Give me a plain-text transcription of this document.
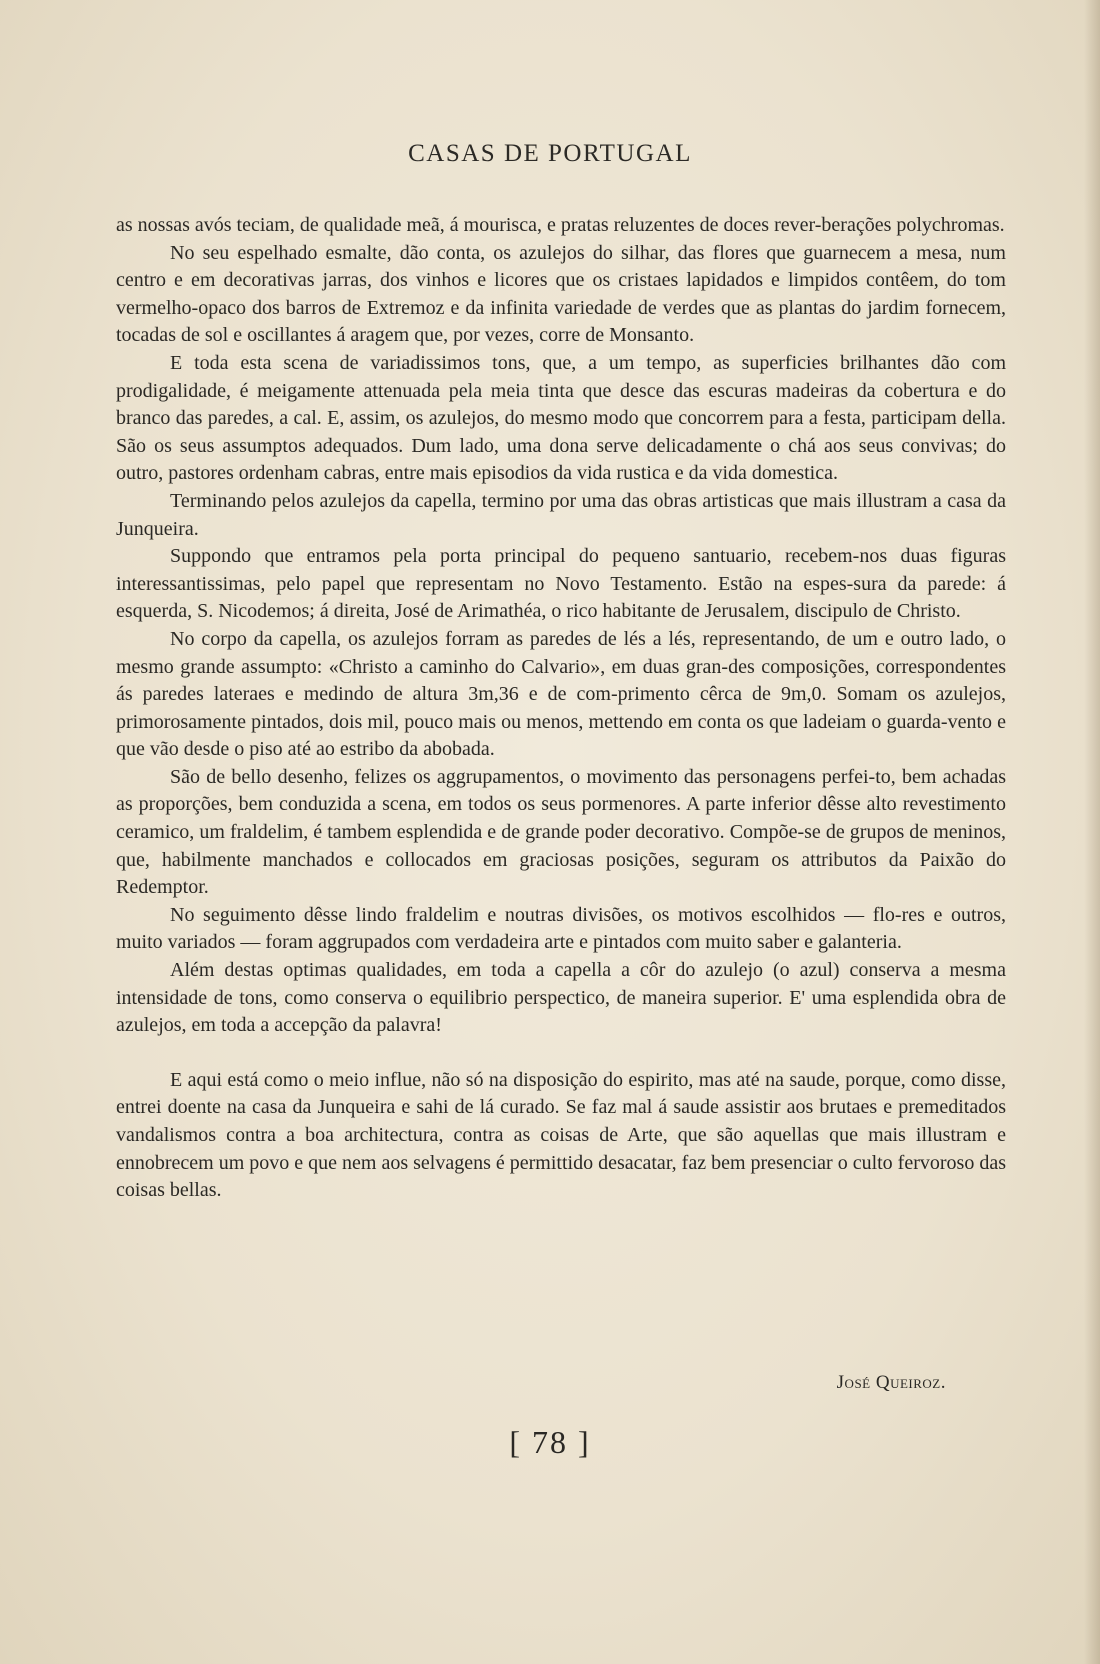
CASAS DE PORTUGAL

as nossas avós teciam, de qualidade meã, á mourisca, e pratas reluzentes de doces rever-berações polychromas.

No seu espelhado esmalte, dão conta, os azulejos do silhar, das flores que guarnecem a mesa, num centro e em decorativas jarras, dos vinhos e licores que os cristaes lapidados e limpidos contêem, do tom vermelho-opaco dos barros de Extremoz e da infinita variedade de verdes que as plantas do jardim fornecem, tocadas de sol e oscillantes á aragem que, por vezes, corre de Monsanto.

E toda esta scena de variadissimos tons, que, a um tempo, as superficies brilhantes dão com prodigalidade, é meigamente attenuada pela meia tinta que desce das escuras madeiras da cobertura e do branco das paredes, a cal. E, assim, os azulejos, do mesmo modo que concorrem para a festa, participam della. São os seus assumptos adequados. Dum lado, uma dona serve delicadamente o chá aos seus convivas; do outro, pastores ordenham cabras, entre mais episodios da vida rustica e da vida domestica.

Terminando pelos azulejos da capella, termino por uma das obras artisticas que mais illustram a casa da Junqueira.

Suppondo que entramos pela porta principal do pequeno santuario, recebem-nos duas figuras interessantissimas, pelo papel que representam no Novo Testamento. Estão na espes-sura da parede: á esquerda, S. Nicodemos; á direita, José de Arimathéa, o rico habitante de Jerusalem, discipulo de Christo.

No corpo da capella, os azulejos forram as paredes de lés a lés, representando, de um e outro lado, o mesmo grande assumpto: «Christo a caminho do Calvario», em duas gran-des composições, correspondentes ás paredes lateraes e medindo de altura 3m,36 e de com-primento cêrca de 9m,0. Somam os azulejos, primorosamente pintados, dois mil, pouco mais ou menos, mettendo em conta os que ladeiam o guarda-vento e que vão desde o piso até ao estribo da abobada.

São de bello desenho, felizes os aggrupamentos, o movimento das personagens perfei-to, bem achadas as proporções, bem conduzida a scena, em todos os seus pormenores. A parte inferior dêsse alto revestimento ceramico, um fraldelim, é tambem esplendida e de grande poder decorativo. Compõe-se de grupos de meninos, que, habilmente manchados e collocados em graciosas posições, seguram os attributos da Paixão do Redemptor.

No seguimento dêsse lindo fraldelim e noutras divisões, os motivos escolhidos — flo-res e outros, muito variados — foram aggrupados com verdadeira arte e pintados com muito saber e galanteria.

Além destas optimas qualidades, em toda a capella a côr do azulejo (o azul) conserva a mesma intensidade de tons, como conserva o equilibrio perspectico, de maneira superior. E' uma esplendida obra de azulejos, em toda a accepção da palavra!

E aqui está como o meio influe, não só na disposição do espirito, mas até na saude, porque, como disse, entrei doente na casa da Junqueira e sahi de lá curado. Se faz mal á saude assistir aos brutaes e premeditados vandalismos contra a boa architectura, contra as coisas de Arte, que são aquellas que mais illustram e ennobrecem um povo e que nem aos selvagens é permittido desacatar, faz bem presenciar o culto fervoroso das coisas bellas.

José Queiroz.
[ 78 ]
